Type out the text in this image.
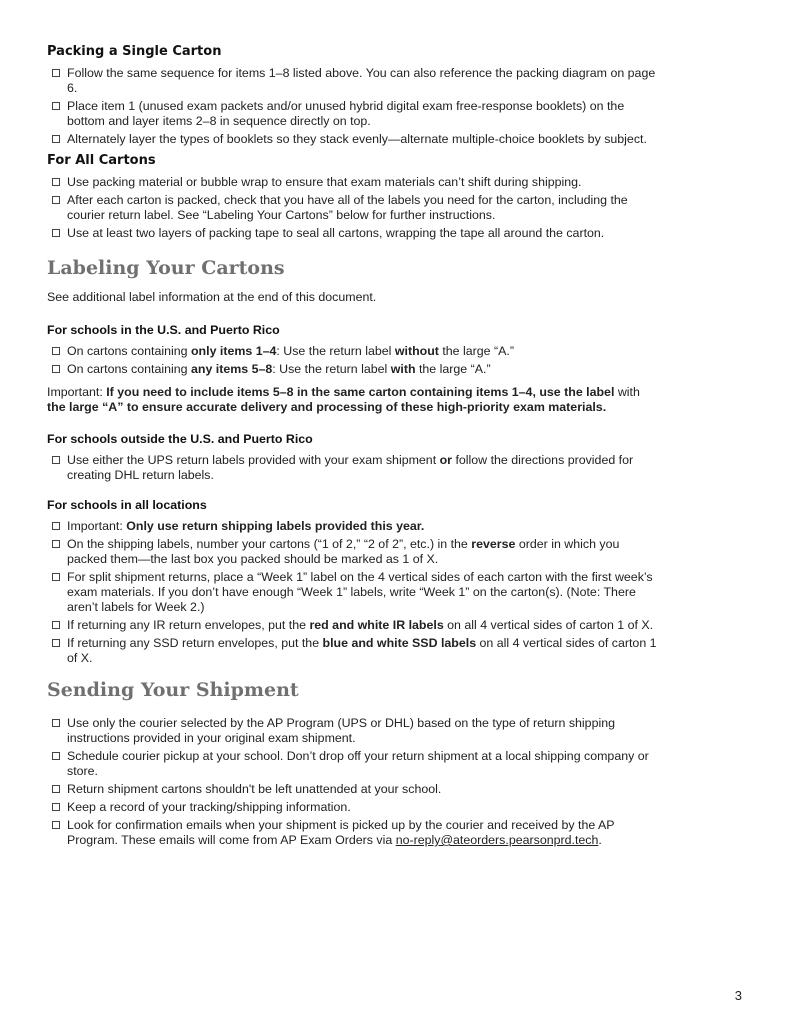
Packing a Single Carton
Follow the same sequence for items 1–8 listed above. You can also reference the packing diagram on page 6.
Place item 1 (unused exam packets and/or unused hybrid digital exam free-response booklets) on the bottom and layer items 2–8 in sequence directly on top.
Alternately layer the types of booklets so they stack evenly—alternate multiple-choice booklets by subject.
For All Cartons
Use packing material or bubble wrap to ensure that exam materials can’t shift during shipping.
After each carton is packed, check that you have all of the labels you need for the carton, including the courier return label. See “Labeling Your Cartons” below for further instructions.
Use at least two layers of packing tape to seal all cartons, wrapping the tape all around the carton.
Labeling Your Cartons

See additional label information at the end of this document.

For schools in the U.S. and Puerto Rico
On cartons containing only items 1–4: Use the return label without the large “A.”
On cartons containing any items 5–8: Use the return label with the large “A.”

Important: If you need to include items 5–8 in the same carton containing items 1–4, use the label with the large “A” to ensure accurate delivery and processing of these high-priority exam materials.

For schools outside the U.S. and Puerto Rico
Use either the UPS return labels provided with your exam shipment or follow the directions provided for creating DHL return labels.
For schools in all locations
Important: Only use return shipping labels provided this year.
On the shipping labels, number your cartons (“1 of 2,” “2 of 2”, etc.) in the reverse order in which you packed them—the last box you packed should be marked as 1 of X.
For split shipment returns, place a “Week 1” label on the 4 vertical sides of each carton with the first week’s exam materials. If you don’t have enough “Week 1” labels, write “Week 1” on the carton(s). (Note: There aren’t labels for Week 2.)
If returning any IR return envelopes, put the red and white IR labels on all 4 vertical sides of carton 1 of X.
If returning any SSD return envelopes, put the blue and white SSD labels on all 4 vertical sides of carton 1 of X.
Sending Your Shipment
Use only the courier selected by the AP Program (UPS or DHL) based on the type of return shipping instructions provided in your original exam shipment.
Schedule courier pickup at your school. Don’t drop off your return shipment at a local shipping company or store.
Return shipment cartons shouldn't be left unattended at your school.
Keep a record of your tracking/shipping information.
Look for confirmation emails when your shipment is picked up by the courier and received by the AP Program. These emails will come from AP Exam Orders via no-reply@ateorders.pearsonprd.tech.
3
